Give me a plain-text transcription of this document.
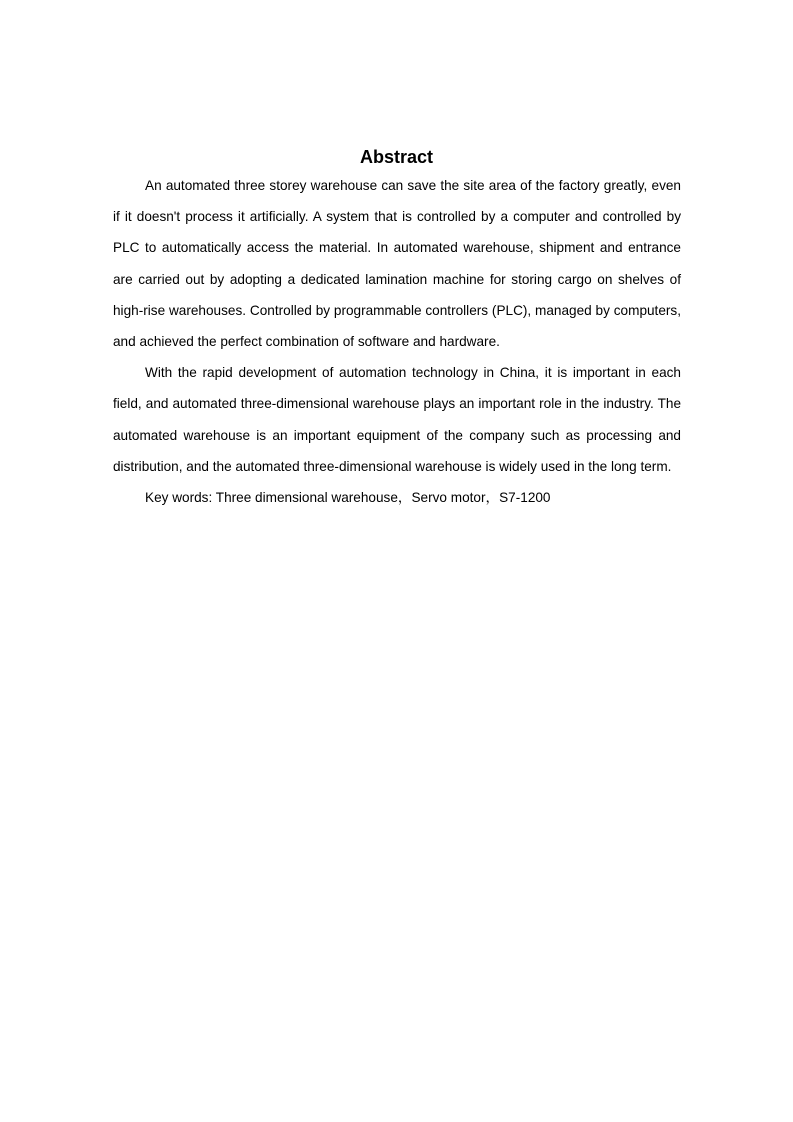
Abstract

An automated three storey warehouse can save the site area of the factory greatly, even if it doesn't process it artificially. A system that is controlled by a computer and controlled by PLC to automatically access the material. In automated warehouse, shipment and entrance are carried out by adopting a dedicated lamination machine for storing cargo on shelves of high-rise warehouses. Controlled by programmable controllers (PLC), managed by computers, and achieved the perfect combination of software and hardware.

With the rapid development of automation technology in China, it is important in each field, and automated three-dimensional warehouse plays an important role in the industry. The automated warehouse is an important equipment of the company such as processing and distribution, and the automated three-dimensional warehouse is widely used in the long term.

Key words: Three dimensional warehouse，Servo motor，S7-1200
